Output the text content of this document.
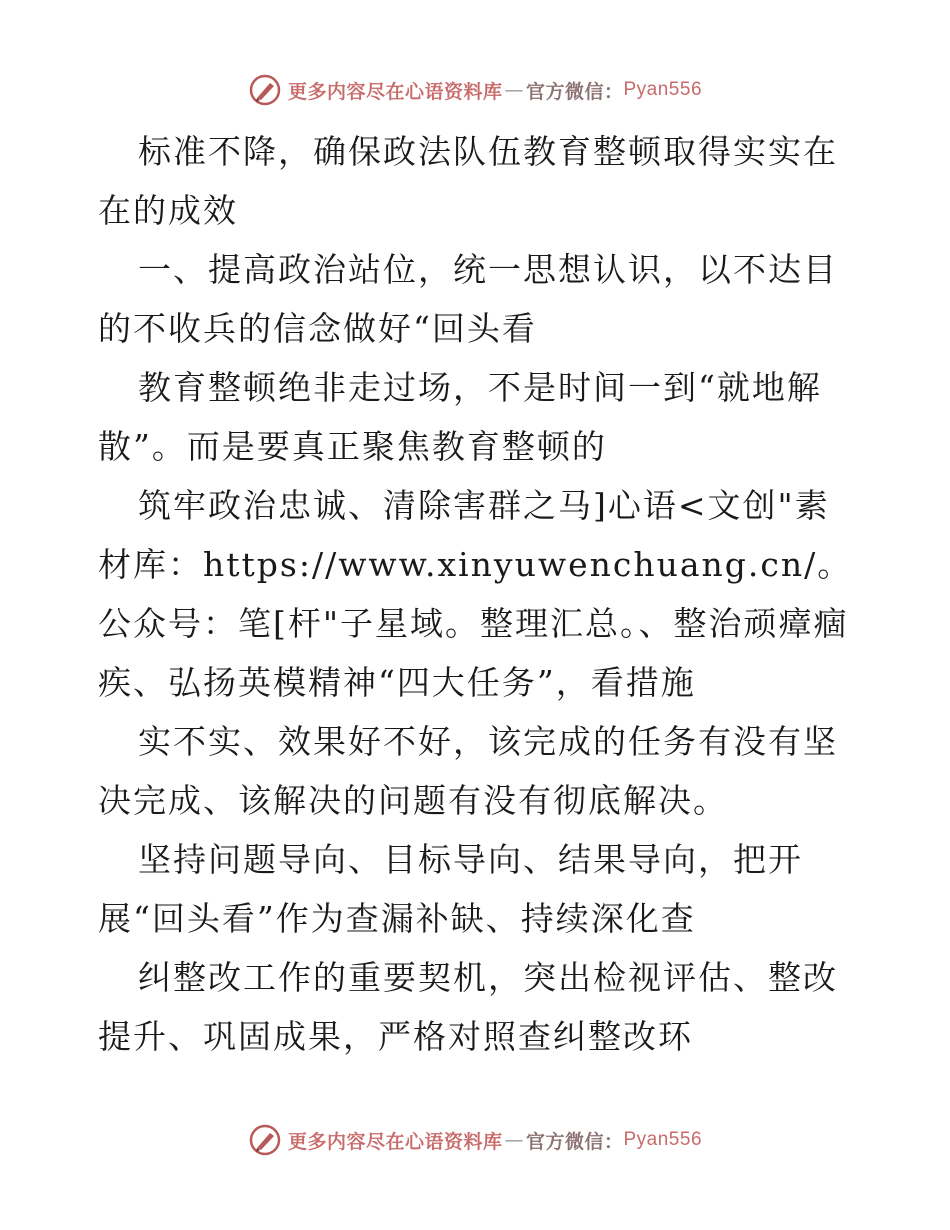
更多内容尽在心语资料库 — 官方微信： Pyan556

标准不降，确保政法队伍教育整顿取得实实在在的成效

一、提高政治站位，统一思想认识，以不达目的不收兵的信念做好“回头看

教育整顿绝非走过场，不是时间一到“就地解散”。而是要真正聚焦教育整顿的

筑牢政治忠诚、清除害群之马]心语<文创"素材库：https://www.xinyuwenchuang.cn/。公众号：笔[杆"子星域。整理汇总。、整治顽瘴痼疾、弘扬英模精神“四大任务”，看措施

实不实、效果好不好，该完成的任务有没有坚决完成、该解决的问题有没有彻底解决。

坚持问题导向、目标导向、结果导向，把开展“回头看”作为查漏补缺、持续深化查

纠整改工作的重要契机，突出检视评估、整改提升、巩固成果，严格对照查纠整改环

更多内容尽在心语资料库 — 官方微信： Pyan556
